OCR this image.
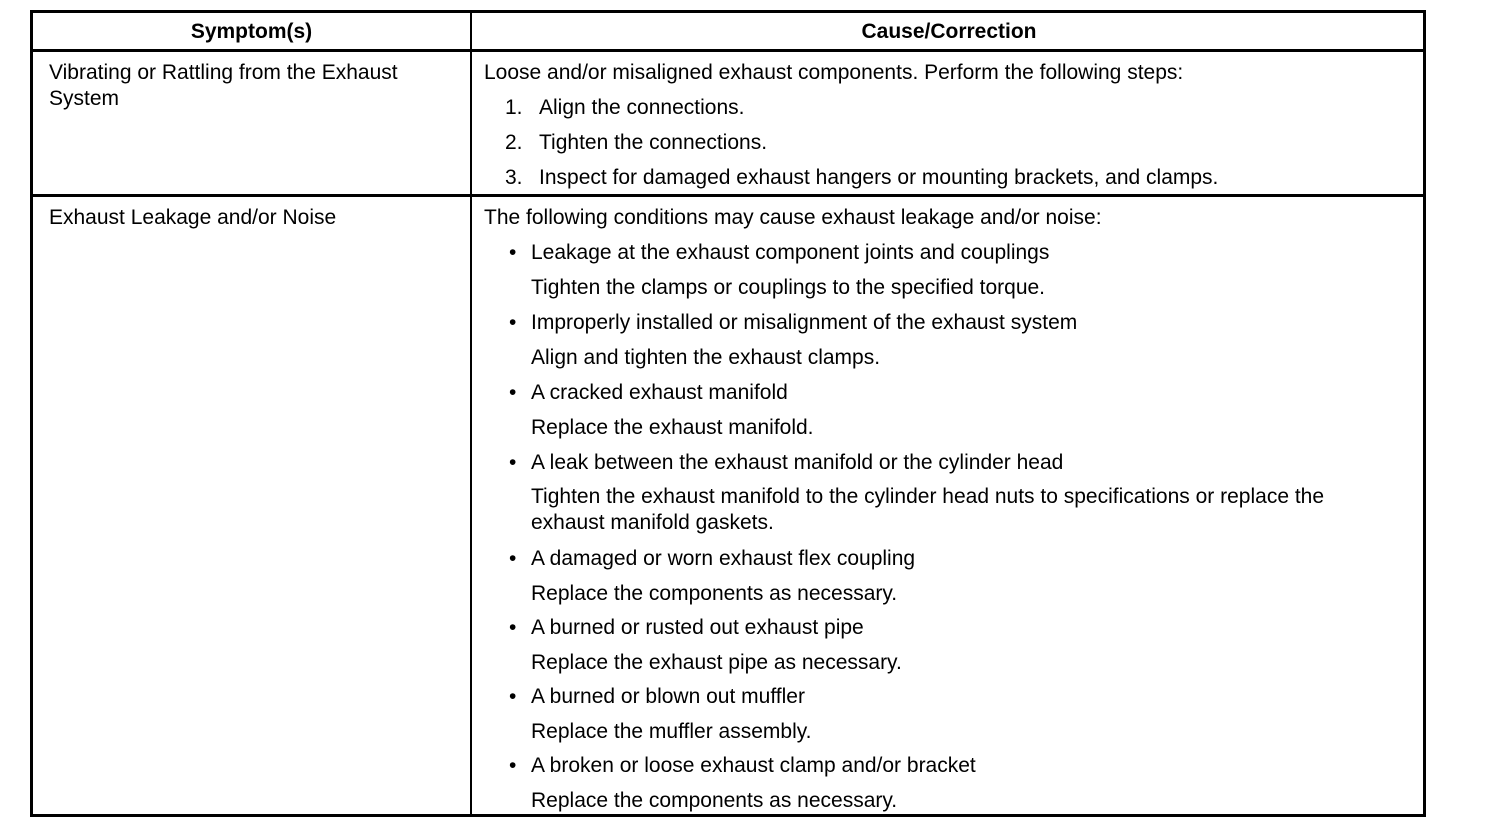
Symptom(s)	Cause/Correction
Vibrating or Rattling from the Exhaust System
Loose and/or misaligned exhaust components. Perform the following steps:
1. Align the connections.
2. Tighten the connections.
3. Inspect for damaged exhaust hangers or mounting brackets, and clamps.
Exhaust Leakage and/or Noise	The following conditions may cause exhaust leakage and/or noise:
• Leakage at the exhaust component joints and couplings
Tighten the clamps or couplings to the specified torque.
• Improperly installed or misalignment of the exhaust system
Align and tighten the exhaust clamps.
• A cracked exhaust manifold
Replace the exhaust manifold.
• A leak between the exhaust manifold or the cylinder head
Tighten the exhaust manifold to the cylinder head nuts to specifications or replace the exhaust manifold gaskets.
• A damaged or worn exhaust flex coupling
Replace the components as necessary.
• A burned or rusted out exhaust pipe
Replace the exhaust pipe as necessary.
• A burned or blown out muffler
Replace the muffler assembly.
• A broken or loose exhaust clamp and/or bracket
Replace the components as necessary.
